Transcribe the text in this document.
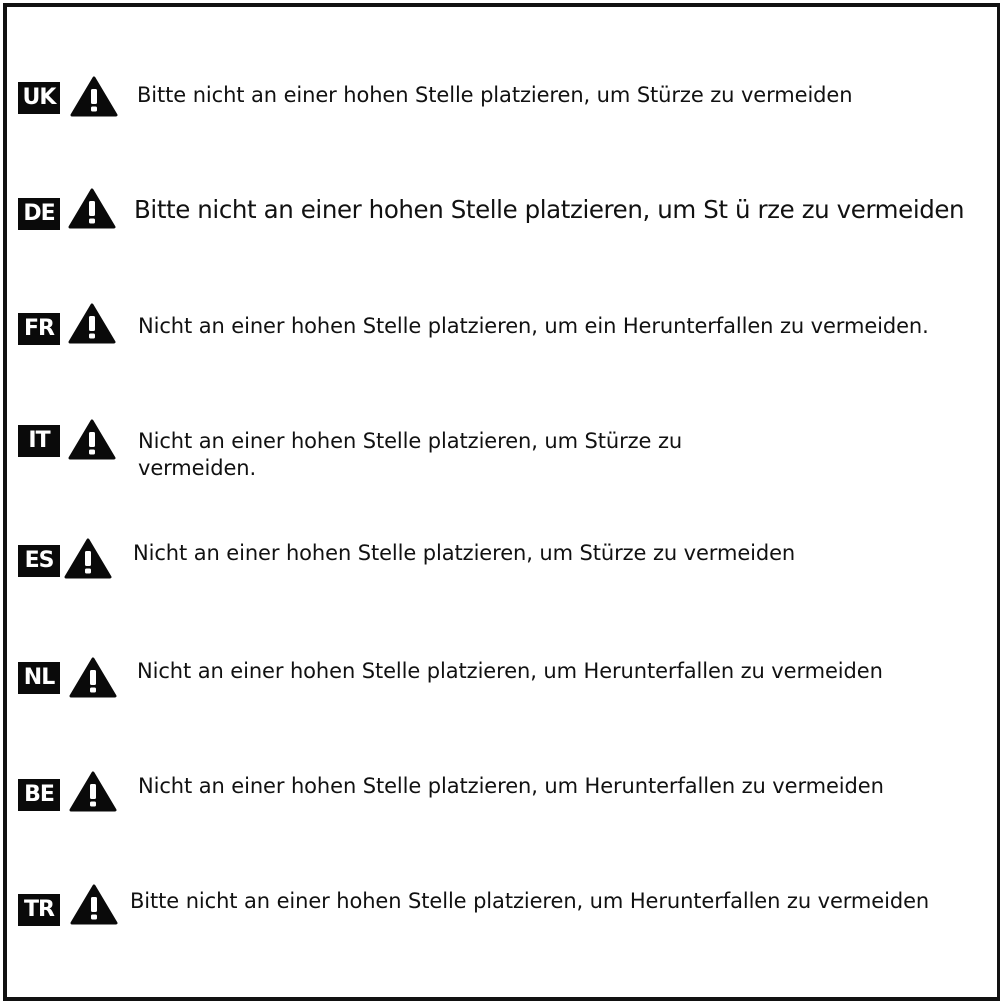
UK	Bitte nicht an einer hohen Stelle platzieren, um Stürze zu vermeiden
DE	Bitte nicht an einer hohen Stelle platzieren, um St ü rze zu vermeiden
FR	Nicht an einer hohen Stelle platzieren, um ein Herunterfallen zu vermeiden.
IT	Nicht an einer hohen Stelle platzieren, um Stürze zu vermeiden.
ES	Nicht an einer hohen Stelle platzieren, um Stürze zu vermeiden
NL	Nicht an einer hohen Stelle platzieren, um Herunterfallen zu vermeiden
BE	Nicht an einer hohen Stelle platzieren, um Herunterfallen zu vermeiden
TR	Bitte nicht an einer hohen Stelle platzieren, um Herunterfallen zu vermeiden
